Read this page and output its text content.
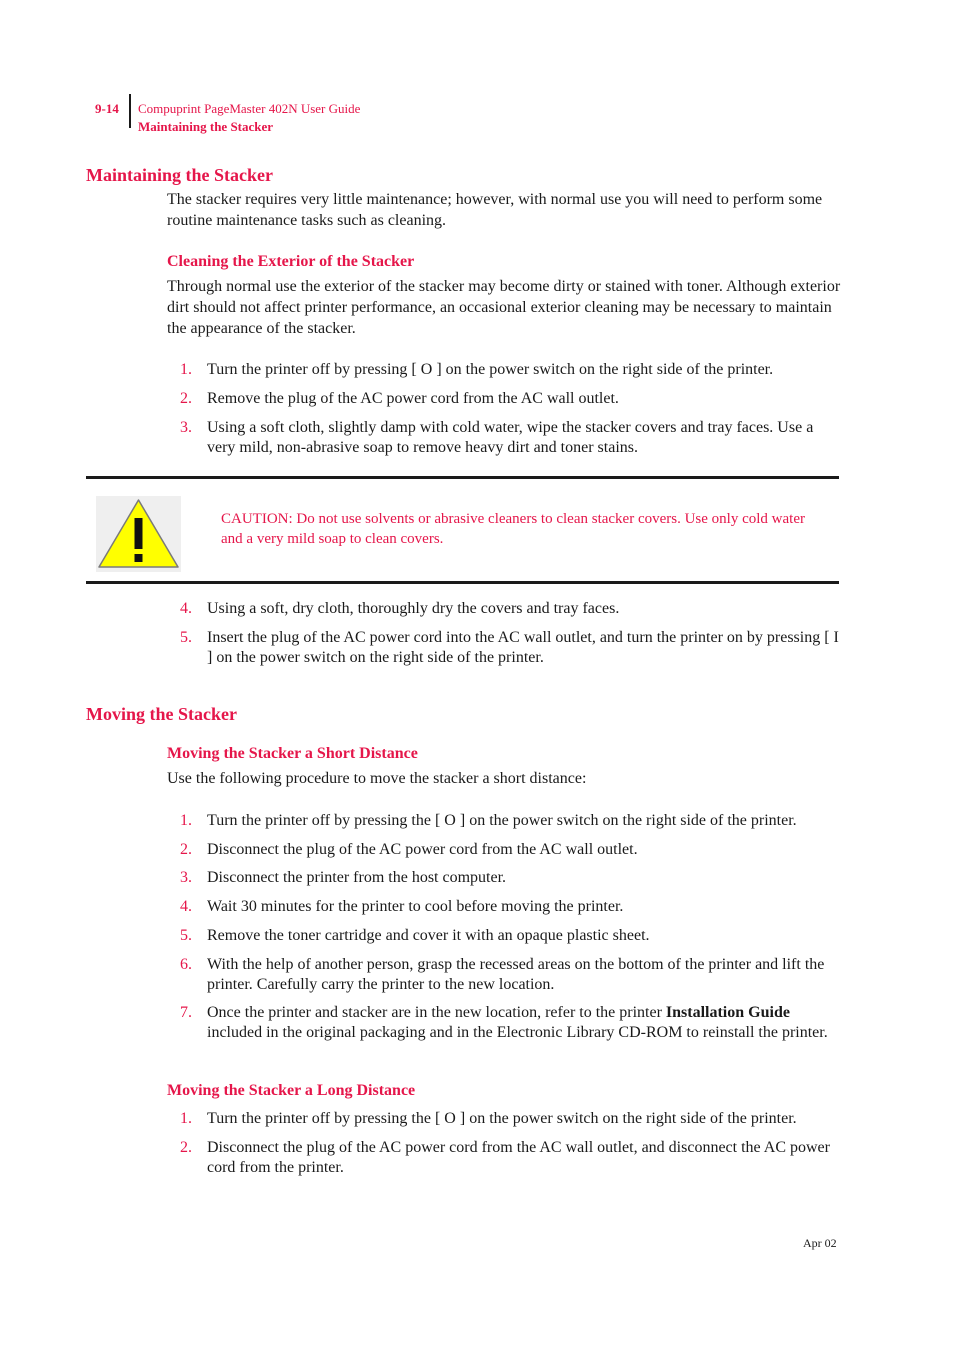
9-14 Compuprint PageMaster 402N User Guide
Maintaining the Stacker
Maintaining the Stacker

The stacker requires very little maintenance; however, with normal use you will need to perform some routine maintenance tasks such as cleaning.

Cleaning the Exterior of the Stacker

Through normal use the exterior of the stacker may become dirty or stained with toner. Although exterior dirt should not affect printer performance, an occasional exterior cleaning may be necessary to maintain the appearance of the stacker.

1. Turn the printer off by pressing [ O ] on the power switch on the right side of the printer.
2. Remove the plug of the AC power cord from the AC wall outlet.
3. Using a soft cloth, slightly damp with cold water, wipe the stacker covers and tray faces. Use a very mild, non-abrasive soap to remove heavy dirt and toner stains.
CAUTION: Do not use solvents or abrasive cleaners to clean stacker covers. Use only cold water and a very mild soap to clean covers.
4. Using a soft, dry cloth, thoroughly dry the covers and tray faces.
5. Insert the plug of the AC power cord into the AC wall outlet, and turn the printer on by pressing [ I ] on the power switch on the right side of the printer.
Moving the Stacker
Moving the Stacker a Short Distance

Use the following procedure to move the stacker a short distance:

1. Turn the printer off by pressing the [ O ] on the power switch on the right side of the printer.
2. Disconnect the plug of the AC power cord from the AC wall outlet.
3. Disconnect the printer from the host computer.
4. Wait 30 minutes for the printer to cool before moving the printer.
5. Remove the toner cartridge and cover it with an opaque plastic sheet.
6. With the help of another person, grasp the recessed areas on the bottom of the printer and lift the printer. Carefully carry the printer to the new location.
7. Once the printer and stacker are in the new location, refer to the printer Installation Guide included in the original packaging and in the Electronic Library CD-ROM to reinstall the printer.
Moving the Stacker a Long Distance
1. Turn the printer off by pressing the [ O ] on the power switch on the right side of the printer.
2. Disconnect the plug of the AC power cord from the AC wall outlet, and disconnect the AC power cord from the printer.
Apr 02
